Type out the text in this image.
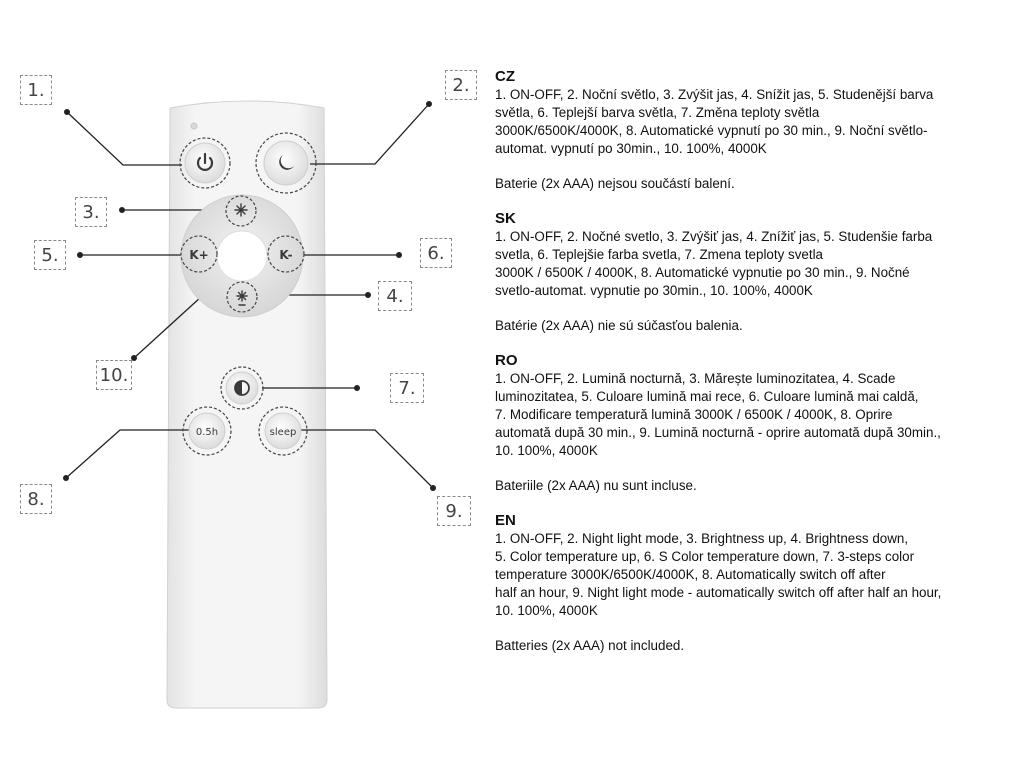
K+	K-
0.5h	sleep
1.	2.
3.
4.
5.	6.
7.
8.
9.
10.
CZ

1. ON-OFF, 2. Noční světlo, 3. Zvýšit jas, 4. Snížit jas, 5. Studenější barva

světla, 6. Teplejší barva světla, 7. Změna teploty světla

3000K/6500K/4000K, 8. Automatické vypnutí po 30 min., 9. Noční světlo-

automat. vypnutí po 30min., 10. 100%, 4000K

Baterie (2x AAA) nejsou součástí balení.

SK

1. ON-OFF, 2. Nočné svetlo, 3. Zvýšiť jas, 4. Znížiť jas, 5. Studenšie farba

svetla, 6. Teplejšie farba svetla, 7. Zmena teploty svetla

3000K / 6500K / 4000K, 8. Automatické vypnutie po 30 min., 9. Nočné

svetlo-automat. vypnutie po 30min., 10. 100%, 4000K

Batérie (2x AAA) nie sú súčasťou balenia.

RO

1. ON-OFF, 2. Lumină nocturnă, 3. Mărește luminozitatea, 4. Scade

luminozitatea, 5. Culoare lumină mai rece, 6. Culoare lumină mai caldă,

7. Modificare temperatură lumină 3000K / 6500K / 4000K, 8. Oprire

automată după 30 min., 9. Lumină nocturnă - oprire automată după 30min.,

10. 100%, 4000K

Bateriile (2x AAA) nu sunt incluse.

EN

1. ON-OFF, 2. Night light mode, 3. Brightness up, 4. Brightness down,

5. Color temperature up, 6. S Color temperature down, 7. 3-steps color

temperature 3000K/6500K/4000K, 8. Automatically switch off after

half an hour, 9. Night light mode - automatically switch off after half an hour,

10. 100%, 4000K

Batteries (2x AAA) not included.
